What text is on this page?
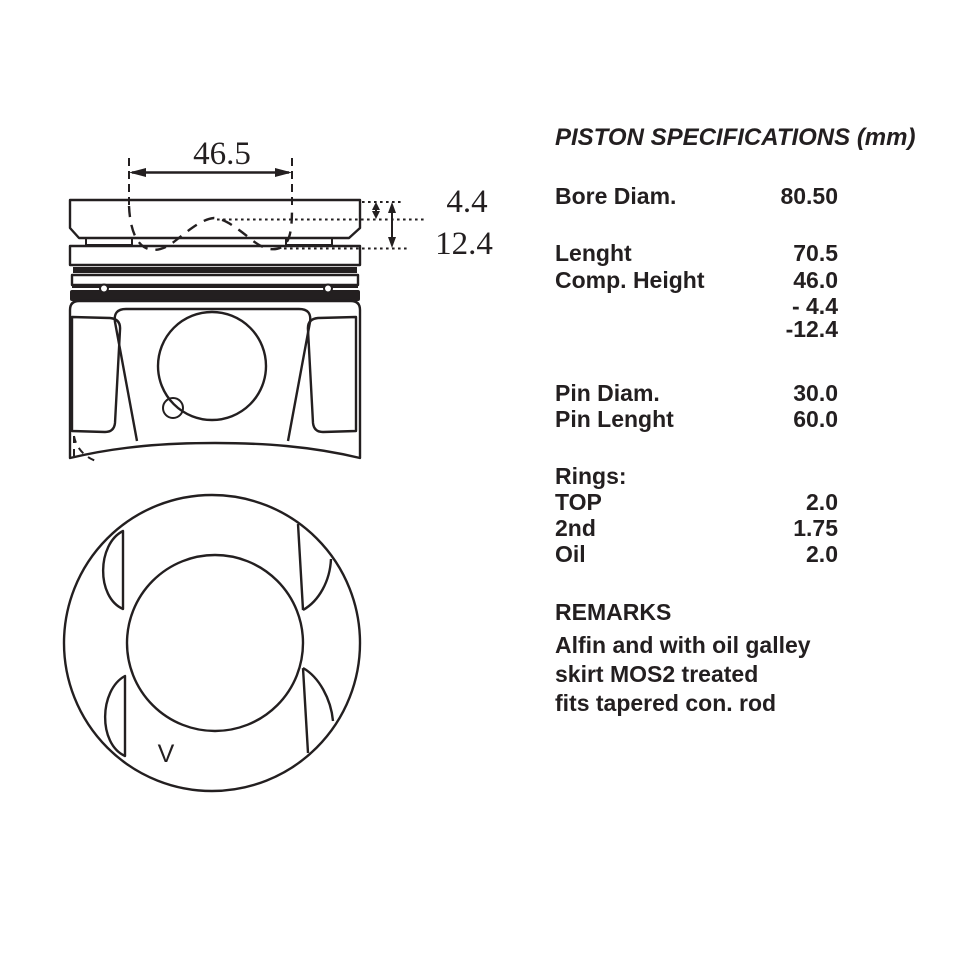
46.5
4.4
12.4
V
PISTON SPECIFICATIONS (mm)
Bore Diam.	80.50
Lenght	70.5
Comp. Height	46.0
- 4.4
-12.4
Pin Diam.	30.0
Pin Lenght	60.0
Rings:
TOP	2.0
2nd	1.75
Oil	2.0
REMARKS
Alfin and with oil galley
skirt MOS2 treated
fits tapered con. rod
